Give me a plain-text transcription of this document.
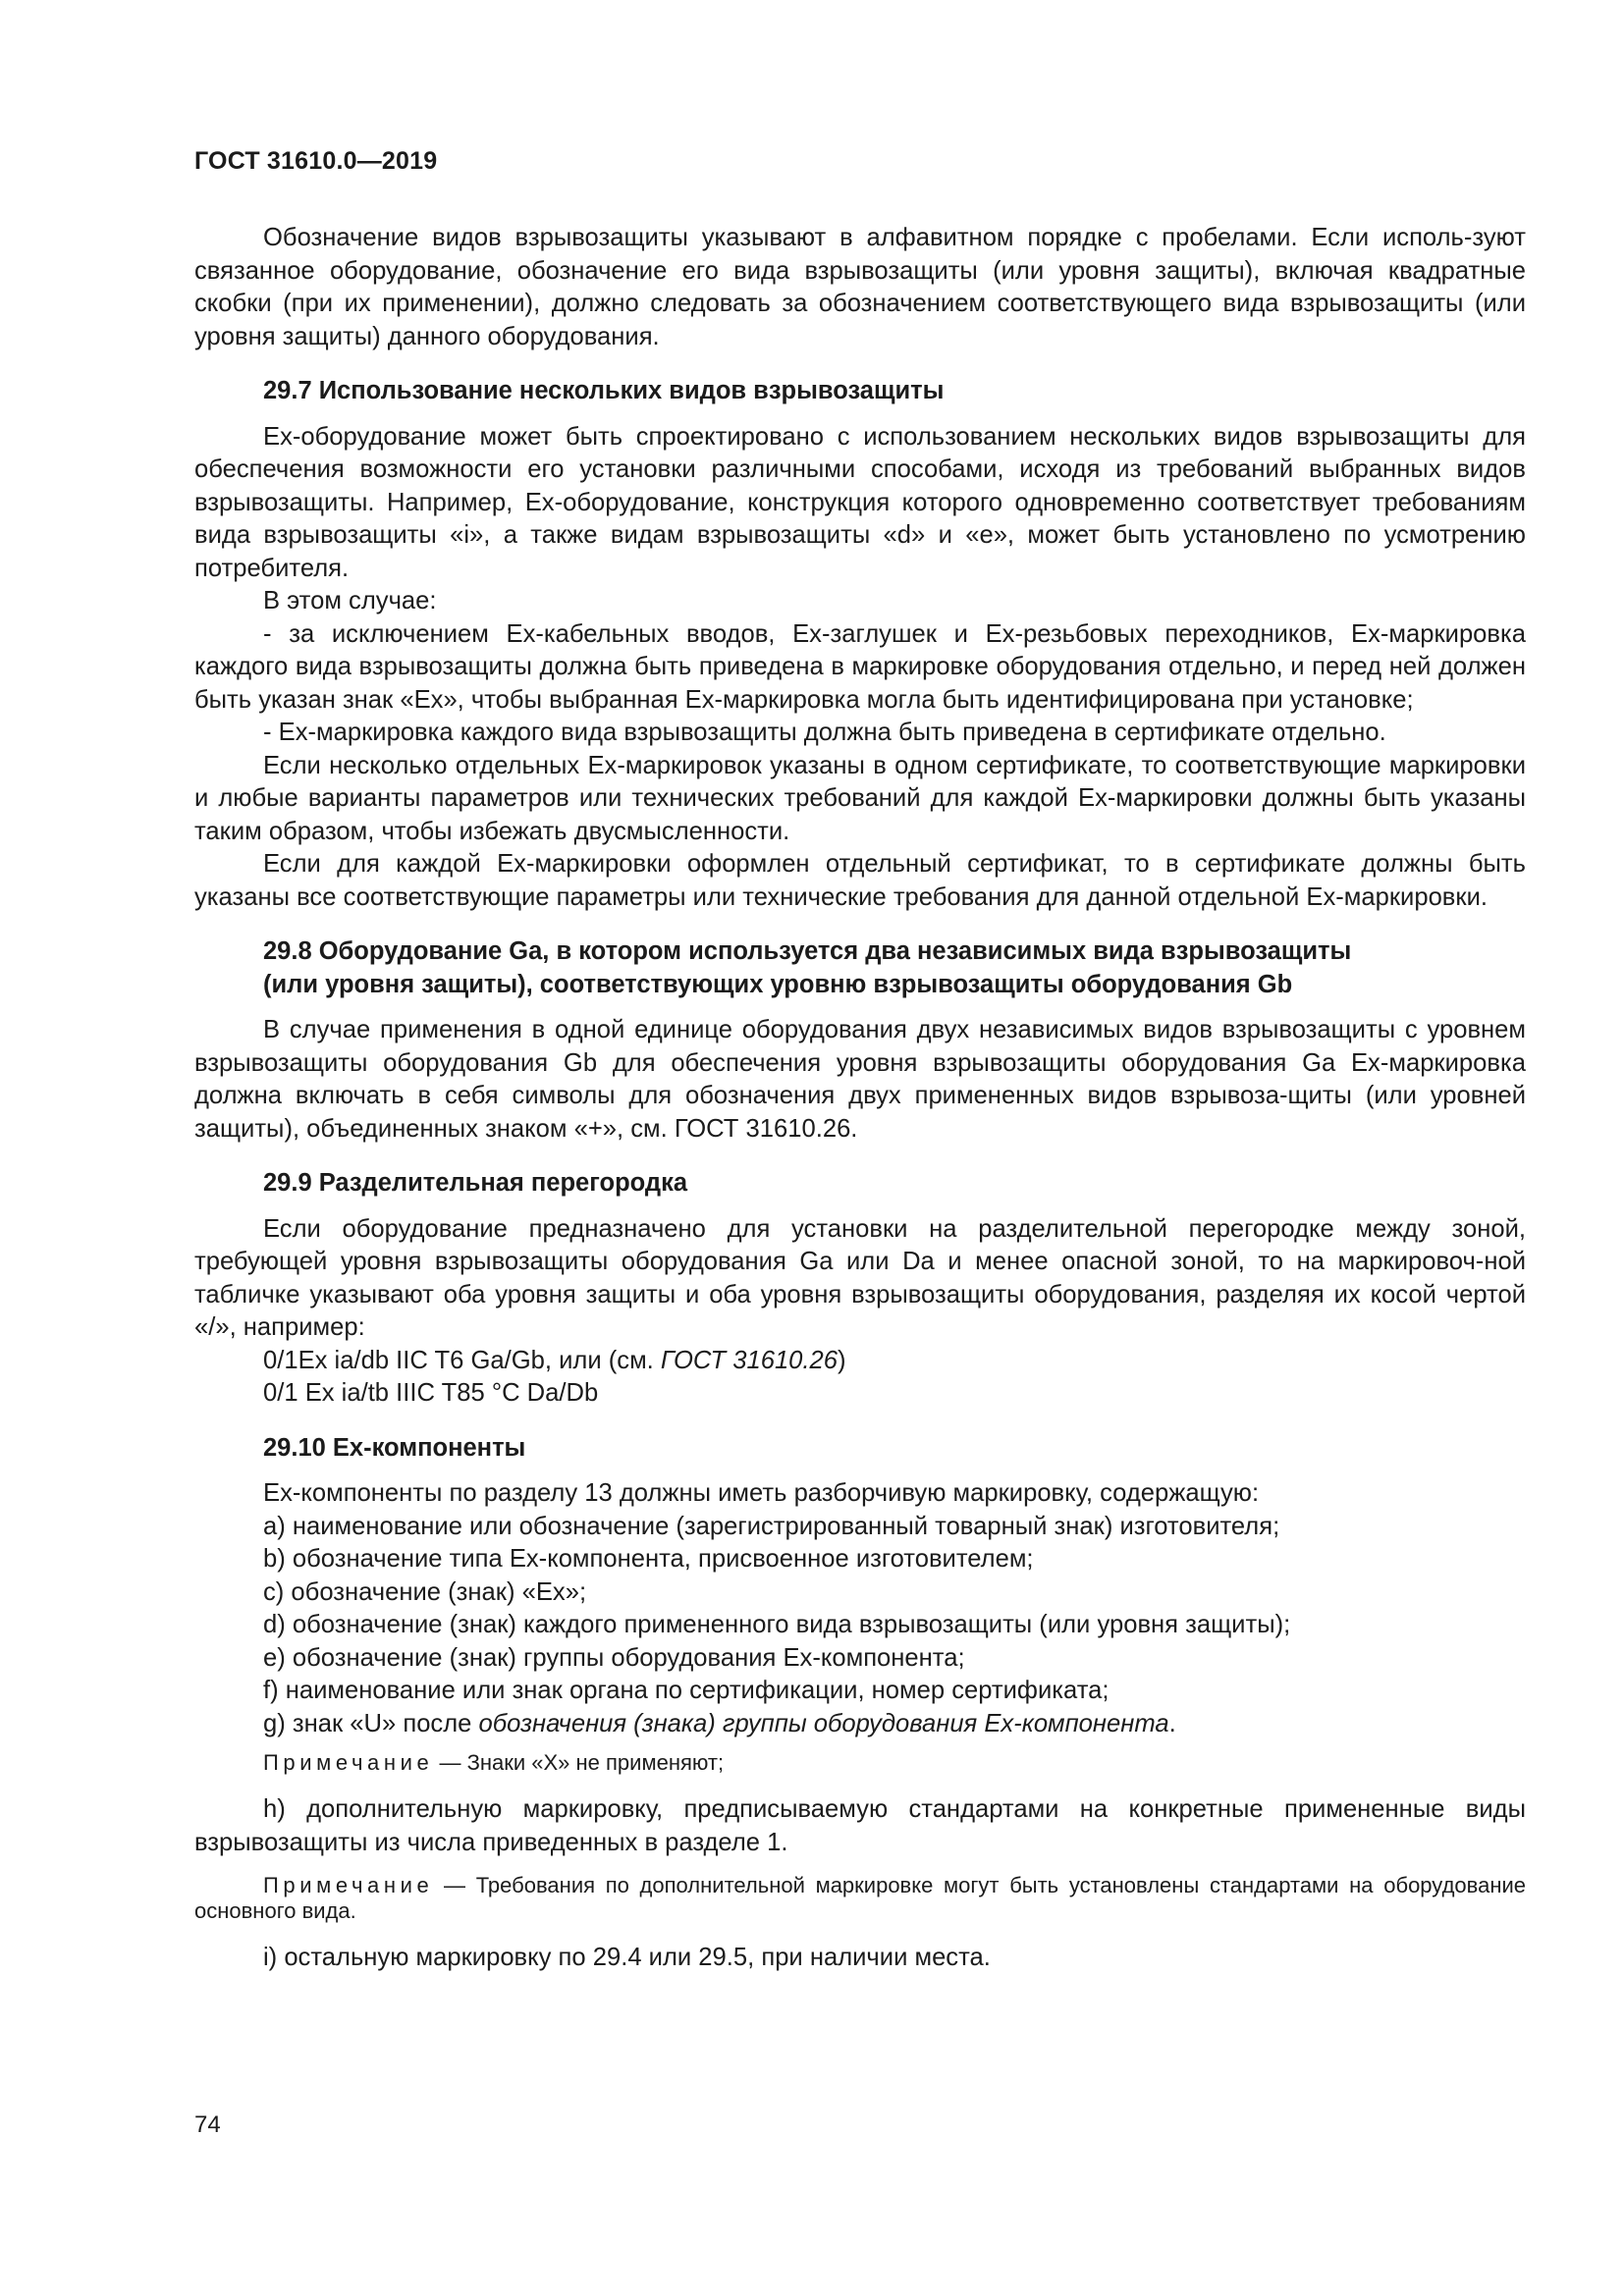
ГОСТ 31610.0—2019

Обозначение видов взрывозащиты указывают в алфавитном порядке с пробелами. Если исполь-зуют связанное оборудование, обозначение его вида взрывозащиты (или уровня защиты), включая квадратные скобки (при их применении), должно следовать за обозначением соответствующего вида взрывозащиты (или уровня защиты) данного оборудования.

29.7 Использование нескольких видов взрывозащиты

Ех-оборудование может быть спроектировано с использованием нескольких видов взрывозащиты для обеспечения возможности его установки различными способами, исходя из требований выбранных видов взрывозащиты. Например, Ех-оборудование, конструкция которого одновременно соответствует требованиям вида взрывозащиты «i», а также видам взрывозащиты «d» и «е», может быть установлено по усмотрению потребителя.

В этом случае:

- за исключением Ех-кабельных вводов, Ех-заглушек и Ех-резьбовых переходников, Ех-маркировка каждого вида взрывозащиты должна быть приведена в маркировке оборудования отдельно, и перед ней должен быть указан знак «Ex», чтобы выбранная Ех-маркировка могла быть идентифицирована при установке;

- Ех-маркировка каждого вида взрывозащиты должна быть приведена в сертификате отдельно.

Если несколько отдельных Ех-маркировок указаны в одном сертификате, то соответствующие маркировки и любые варианты параметров или технических требований для каждой Ех-маркировки должны быть указаны таким образом, чтобы избежать двусмысленности.

Если для каждой Ех-маркировки оформлен отдельный сертификат, то в сертификате должны быть указаны все соответствующие параметры или технические требования для данной отдельной Ех-маркировки.

29.8 Оборудование Ga, в котором используется два независимых вида взрывозащиты
(или уровня защиты), соответствующих уровню взрывозащиты оборудования Gb

В случае применения в одной единице оборудования двух независимых видов взрывозащиты с уровнем взрывозащиты оборудования Gb для обеспечения уровня взрывозащиты оборудования Ga Ех-маркировка должна включать в себя символы для обозначения двух примененных видов взрывоза-щиты (или уровней защиты), объединенных знаком «+», см. ГОСТ 31610.26.

29.9 Разделительная перегородка

Если оборудование предназначено для установки на разделительной перегородке между зоной, требующей уровня взрывозащиты оборудования Ga или Da и менее опасной зоной, то на маркировоч-ной табличке указывают оба уровня защиты и оба уровня взрывозащиты оборудования, разделяя их косой чертой «/», например:

0/1Ex ia/db IIC T6 Ga/Gb, или (см. ГОСТ 31610.26)

0/1 Ex ia/tb IIIC T85 °C Da/Db

29.10 Ех-компоненты

Ех-компоненты по разделу 13 должны иметь разборчивую маркировку, содержащую:

а) наименование или обозначение (зарегистрированный товарный знак) изготовителя;

b) обозначение типа Ех-компонента, присвоенное изготовителем;

с) обозначение (знак) «Ex»;

d) обозначение (знак) каждого примененного вида взрывозащиты (или уровня защиты);

е) обозначение (знак) группы оборудования Ех-компонента;

f) наименование или знак органа по сертификации, номер сертификата;

g) знак «U» после обозначения (знака) группы оборудования Ех-компонента.

Примечание — Знаки «X» не применяют;

h) дополнительную маркировку, предписываемую стандартами на конкретные примененные виды взрывозащиты из числа приведенных в разделе 1.

Примечание — Требования по дополнительной маркировке могут быть установлены стандартами на оборудование основного вида.

i) остальную маркировку по 29.4 или 29.5, при наличии места.

74
